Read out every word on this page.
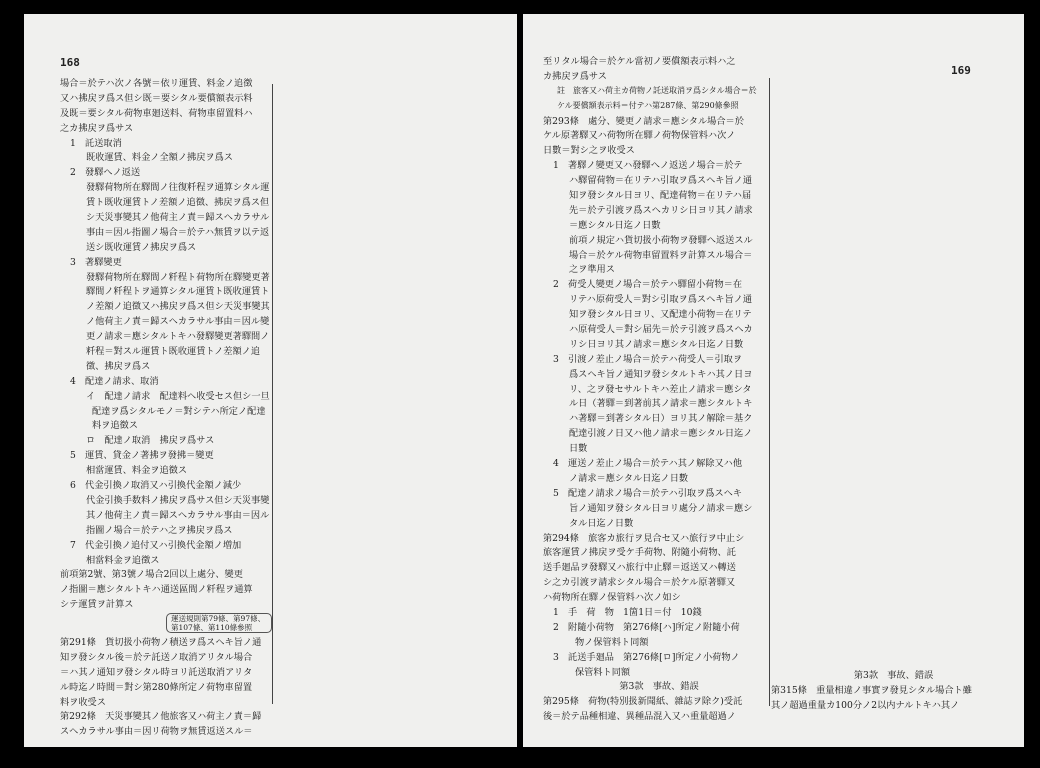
168
場合＝於テハ次ノ各號＝依リ運賃、料金ノ追徴
又ハ拂戻ヲ爲ス但シ既＝要シタル要償額表示料
及既＝要シタル荷物車廻送料、荷物車留置料ハ
之カ拂戻ヲ爲サス
1　託送取消
既收運賃、料金ノ全額ノ拂戻ヲ爲ス
2　發驛へノ返送
發驛荷物所在驛間ノ往復粁程ヲ通算シタル運
賃ト既收運賃トノ差額ノ追徴、拂戻ヲ爲ス但
シ天災事變其ノ他荷主ノ責＝歸スヘカラサル
事由＝因ル指圖ノ場合＝於テハ無賃ヲ以テ返
送シ既收運賃ノ拂戻ヲ爲ス
3　著驛變更
發驛荷物所在驛間ノ粁程ト荷物所在驛變更著
驛間ノ粁程トヲ通算シタル運賃ト既收運賃ト
ノ差額ノ追徴又ハ拂戻ヲ爲ス但シ天災事變其
ノ他荷主ノ責＝歸スヘカラサル事由＝因ル變
更ノ請求＝應シタルトキハ發驛變更著驛間ノ
粁程＝對スル運賃ト既收運賃トノ差額ノ追
徴、拂戻ヲ爲ス
4　配達ノ請求、取消
イ　配達ノ請求　配達料ヘ收受セス但シ一旦
配達ヲ爲シタルモノ＝對シテハ所定ノ配達
料ヲ追徴ス
ロ　配達ノ取消　拂戻ヲ爲サス
5　運賃、貸金ノ著拂ヲ發拂＝變更
相當運賃、料金ヲ追徴ス
6　代金引換ノ取消又ハ引換代金額ノ減少
代金引換手数料ノ拂戻ヲ爲サス但シ天災事變
其ノ他荷主ノ責＝歸スヘカラサル事由＝因ル
指圖ノ場合＝於テハ之ヲ拂戻ヲ爲ス
7　代金引換ノ追付又ハ引換代金額ノ増加
相當料金ヲ追徴ス
前項第2號、第3號ノ場合2回以上處分、變更
ノ指圖＝應シタルトキハ通送區間ノ粁程ヲ通算
シテ運賃ヲ計算ス
運送規則第79條、第97條、第107條、第110條參照
第291條　貨切扱小荷物ノ積送ヲ爲スヘキ旨ノ通
知ヲ發シタル後＝於テ託送ノ取消アリタル場合
＝ハ其ノ通知ヲ發シタル時ヨリ託送取消アリタ
ル時迄ノ時間＝對シ第280條所定ノ荷物車留置
料ヲ收受ス
第292條　天災事變其ノ他旅客又ハ荷主ノ責＝歸
スヘカラサル事由＝因リ荷物ヲ無賃返送スル＝
169
至リタル場合＝於ケル當初ノ要償額表示料ハ之
カ拂戻ヲ爲サス
註　旅客又ハ荷主カ荷物ノ託送取消ヲ爲シタル場合＝於
ケル要償額表示料＝付テハ第287條、第290條參照
第293條　處分、變更ノ請求＝應シタル場合＝於
ケル原著驛又ハ荷物所在驛ノ荷物保管料ハ次ノ
日數＝對シ之ヲ收受ス
1　著驛ノ變更又ハ發驛へノ返送ノ場合＝於テ
ハ驛留荷物＝在リテハ引取ヲ爲スヘキ旨ノ通
知ヲ發シタル日ヨリ、配達荷物＝在リテハ届
先＝於テ引渡ヲ爲スヘカリシ日ヨリ其ノ請求
＝應シタル日迄ノ日數
前項ノ規定ハ貨切扱小荷物ヲ發驛へ返送スル
場合＝於ケル荷物車留置料ヲ計算スル場合＝
之ヲ準用ス
2　荷受人變更ノ場合＝於テハ驛留小荷物＝在
リテハ原荷受人＝對シ引取ヲ爲スヘキ旨ノ通
知ヲ發シタル日ヨリ、又配達小荷物＝在リテ
ハ原荷受人＝對シ届先＝於テ引渡ヲ爲スヘカ
リシ日ヨリ其ノ請求＝應シタル日迄ノ日數
3　引渡ノ差止ノ場合＝於テハ荷受人＝引取ヲ
爲スヘキ旨ノ通知ヲ發シタルトキハ其ノ日ヨ
リ、之ヲ發セサルトキハ差止ノ請求＝應シタ
ル日（著驛＝到著前其ノ請求＝應シタルトキ
ハ著驛＝到著シタル日）ヨリ其ノ解除＝基ク
配達引渡ノ日又ハ他ノ請求＝應シタル日迄ノ
日數
4　運送ノ差止ノ場合＝於テハ其ノ解除又ハ他
ノ請求＝應シタル日迄ノ日數
5　配達ノ請求ノ場合＝於テハ引取ヲ爲スヘキ
旨ノ通知ヲ發シタル日ヨリ處分ノ請求＝應シ
タル日迄ノ日數
第294條　旅客カ旅行ヲ見合セ又ハ旅行ヲ中止シ
旅客運賃ノ拂戻ヲ受ケ手荷物、附隨小荷物、託
送手廻品ヲ發驛又ハ旅行中止驛＝返送又ハ轉送
シ之カ引渡ヲ請求シタル場合＝於ケル原著驛又
ハ荷物所在驛ノ保管料ハ次ノ如シ
1　手　荷　物　1箇1日＝付　10錢
2　附隨小荷物　第276條[ハ]所定ノ附隨小荷
物ノ保管料ト同額
3　託送手廻品　第276條[ロ]所定ノ小荷物ノ
保管料ト同額
第3款　事故、錯誤
第295條　荷物(特別扱新聞紙、雜誌ヲ除ク)受託
後＝於テ品種相違、異種品混入又ハ重量超過ノ
第3款　事故、錯誤
第315條　重量相違ノ事實ヲ發見シタル場合ト雖
其ノ超過重量カ100分ノ2以内ナルトキハ其ノ
